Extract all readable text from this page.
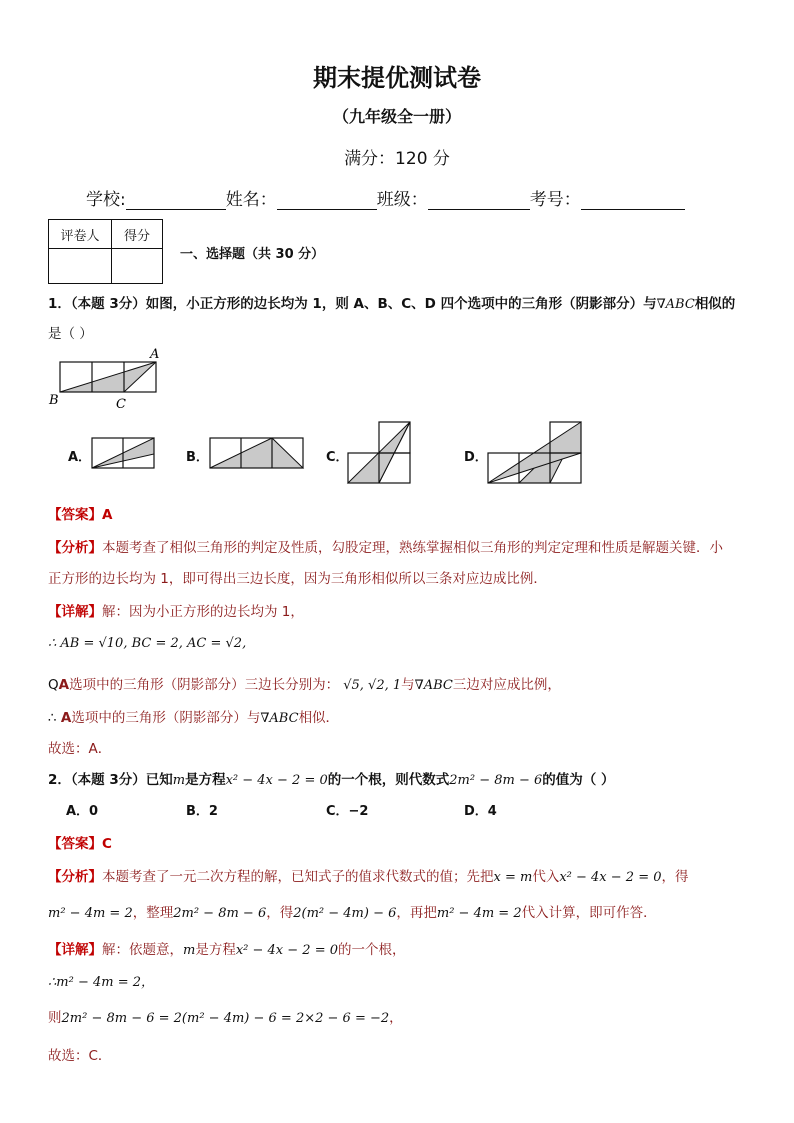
期末提优测试卷
（九年级全一册）
满分：120 分
学校:	姓名：	班级：	考号：
评卷人	得分

一、选择题（共 30 分）
1．（本题 3分）如图，小正方形的边长均为 1，则 A、B、C、D 四个选项中的三角形（阴影部分）与∇ABC相似的
是（ ）
A
B	C
A．	B．	C．	D．
【答案】A
【分析】本题考查了相似三角形的判定及性质，勾股定理，熟练掌握相似三角形的判定定理和性质是解题关键．小
正方形的边长均为 1，即可得出三边长度，因为三角形相似所以三条对应边成比例．
【详解】解：因为小正方形的边长均为 1，
∴ AB = √10, BC = 2, AC = √2,
QA选项中的三角形（阴影部分）三边长分别为： √5, √2, 1与∇ABC三边对应成比例，
∴ A选项中的三角形（阴影部分）与∇ABC相似．
故选：A．
2．（本题 3分）已知m是方程x² − 4x − 2 = 0的一个根，则代数式2m² − 8m − 6的值为（ ）
A．0	B．2	C．−2	D．4
【答案】C
【分析】本题考查了一元二次方程的解，已知式子的值求代数式的值；先把x = m代入x² − 4x − 2 = 0，得
m² − 4m = 2，整理2m² − 8m − 6，得2(m² − 4m) − 6，再把m² − 4m = 2代入计算，即可作答．
【详解】解：依题意，m是方程x² − 4x − 2 = 0的一个根，
∴m² − 4m = 2，
则2m² − 8m − 6 = 2(m² − 4m) − 6 = 2×2 − 6 = −2，
故选：C．
